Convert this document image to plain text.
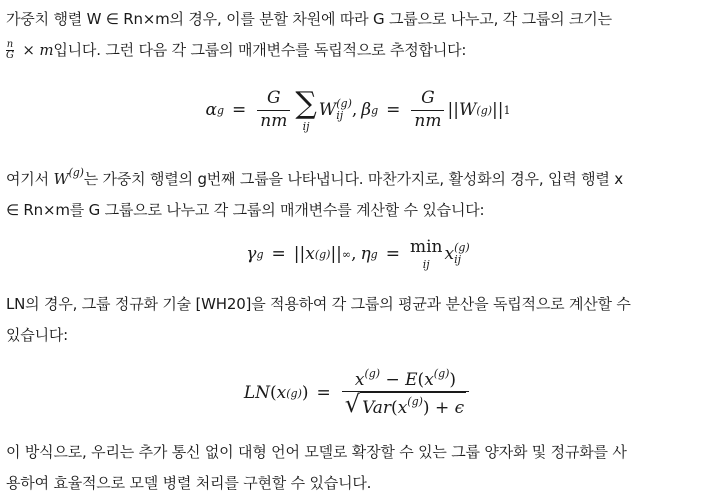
가중치 행렬 W ∈ Rn×m의 경우, 이를 분할 차원에 따라 G 그룹으로 나누고, 각 그룹의 크기는
$\frac{n}{G} \times m$입니다. 그런 다음 각 그룹의 매개변수를 독립적으로 추정합니다:
α $g = \frac{G}{nm}$ ∑
ij
W (g)
ij , β $g = \frac{G}{nm}$ || W (g) || 1
여기서 $W^{(g)}$는 가중치 행렬의 g번째 그룹을 나타냅니다. 마찬가지로, 활성화의 경우, 입력 행렬 x
∈ Rn×m를 G 그룹으로 나누고 각 그룹의 매개변수를 계산할 수 있습니다:
γ g = || x (g) || ∞ , η g = min
ij
x (g)
ij
LN의 경우, 그룹 정규화 기술 [WH20]을 적용하여 각 그룹의 평균과 분산을 독립적으로 계산할 수
있습니다:
LN ( x (g) ) =
$x^{(g)} - E(x^{(g)})$
√ $Var(x^{(g)}) + \epsilon$
이 방식으로, 우리는 추가 통신 없이 대형 언어 모델로 확장할 수 있는 그룹 양자화 및 정규화를 사
용하여 효율적으로 모델 병렬 처리를 구현할 수 있습니다.
